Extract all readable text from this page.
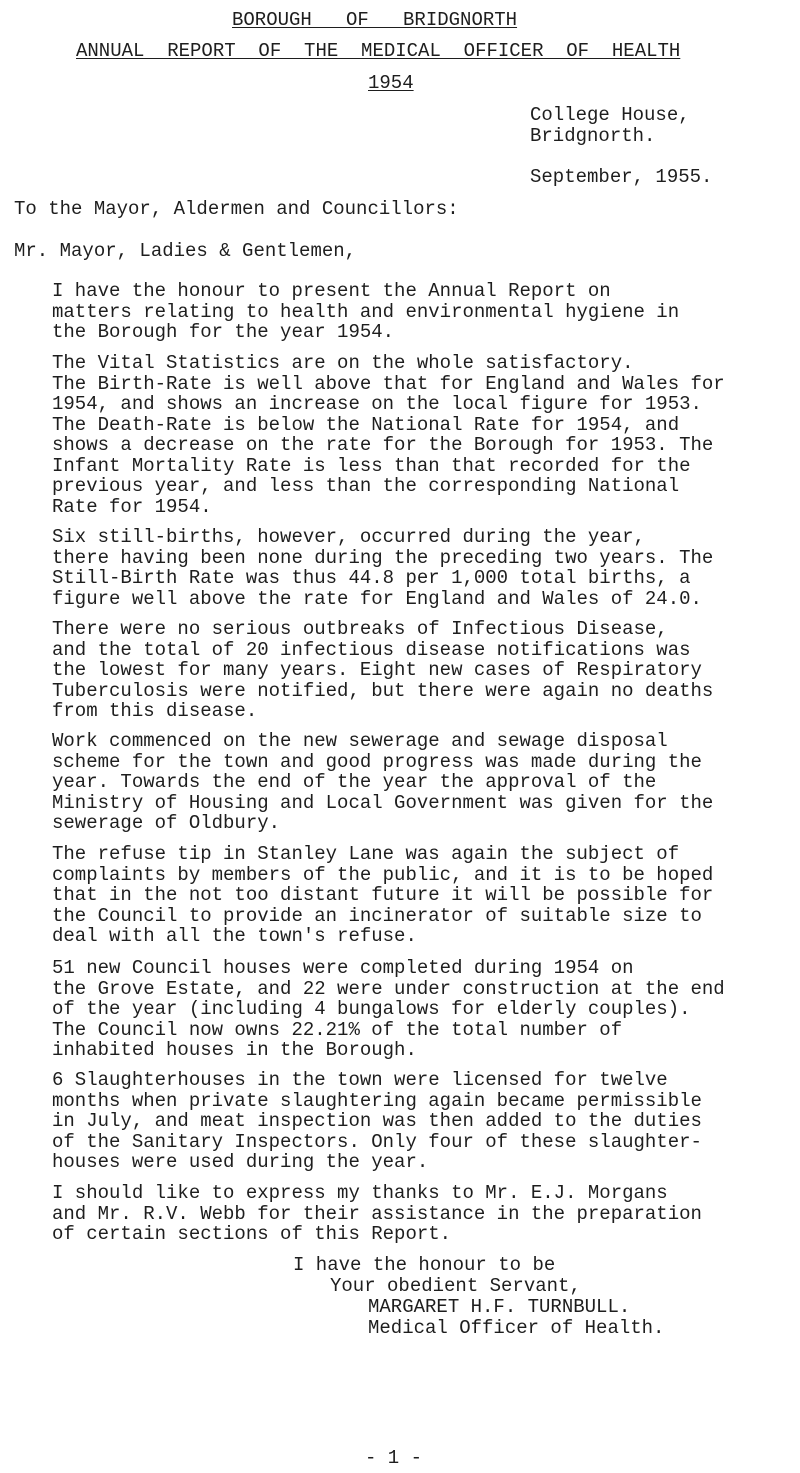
BOROUGH   OF   BRIDGNORTH
ANNUAL  REPORT  OF  THE  MEDICAL  OFFICER  OF  HEALTH
1954
College House,
Bridgnorth.
September, 1955.
To the Mayor, Aldermen and Councillors:
Mr. Mayor, Ladies & Gentlemen,
I have the honour to present the Annual Report on
matters relating to health and environmental hygiene in
the Borough for the year 1954.
The Vital Statistics are on the whole satisfactory.
The Birth-Rate is well above that for England and Wales for
1954, and shows an increase on the local figure for 1953.
The Death-Rate is below the National Rate for 1954, and
shows a decrease on the rate for the Borough for 1953. The
Infant Mortality Rate is less than that recorded for the
previous year, and less than the corresponding National
Rate for 1954.
Six still-births, however, occurred during the year,
there having been none during the preceding two years. The
Still-Birth Rate was thus 44.8 per 1,000 total births, a
figure well above the rate for England and Wales of 24.0.
There were no serious outbreaks of Infectious Disease,
and the total of 20 infectious disease notifications was
the lowest for many years. Eight new cases of Respiratory
Tuberculosis were notified, but there were again no deaths
from this disease.
Work commenced on the new sewerage and sewage disposal
scheme for the town and good progress was made during the
year. Towards the end of the year the approval of the
Ministry of Housing and Local Government was given for the
sewerage of Oldbury.
The refuse tip in Stanley Lane was again the subject of
complaints by members of the public, and it is to be hoped
that in the not too distant future it will be possible for
the Council to provide an incinerator of suitable size to
deal with all the town's refuse.
51 new Council houses were completed during 1954 on
the Grove Estate, and 22 were under construction at the end
of the year (including 4 bungalows for elderly couples).
The Council now owns 22.21% of the total number of
inhabited houses in the Borough.
6 Slaughterhouses in the town were licensed for twelve
months when private slaughtering again became permissible
in July, and meat inspection was then added to the duties
of the Sanitary Inspectors. Only four of these slaughter-
houses were used during the year.
I should like to express my thanks to Mr. E.J. Morgans
and Mr. R.V. Webb for their assistance in the preparation
of certain sections of this Report.
I have the honour to be
Your obedient Servant,
MARGARET H.F. TURNBULL.
Medical Officer of Health.
- 1 -
